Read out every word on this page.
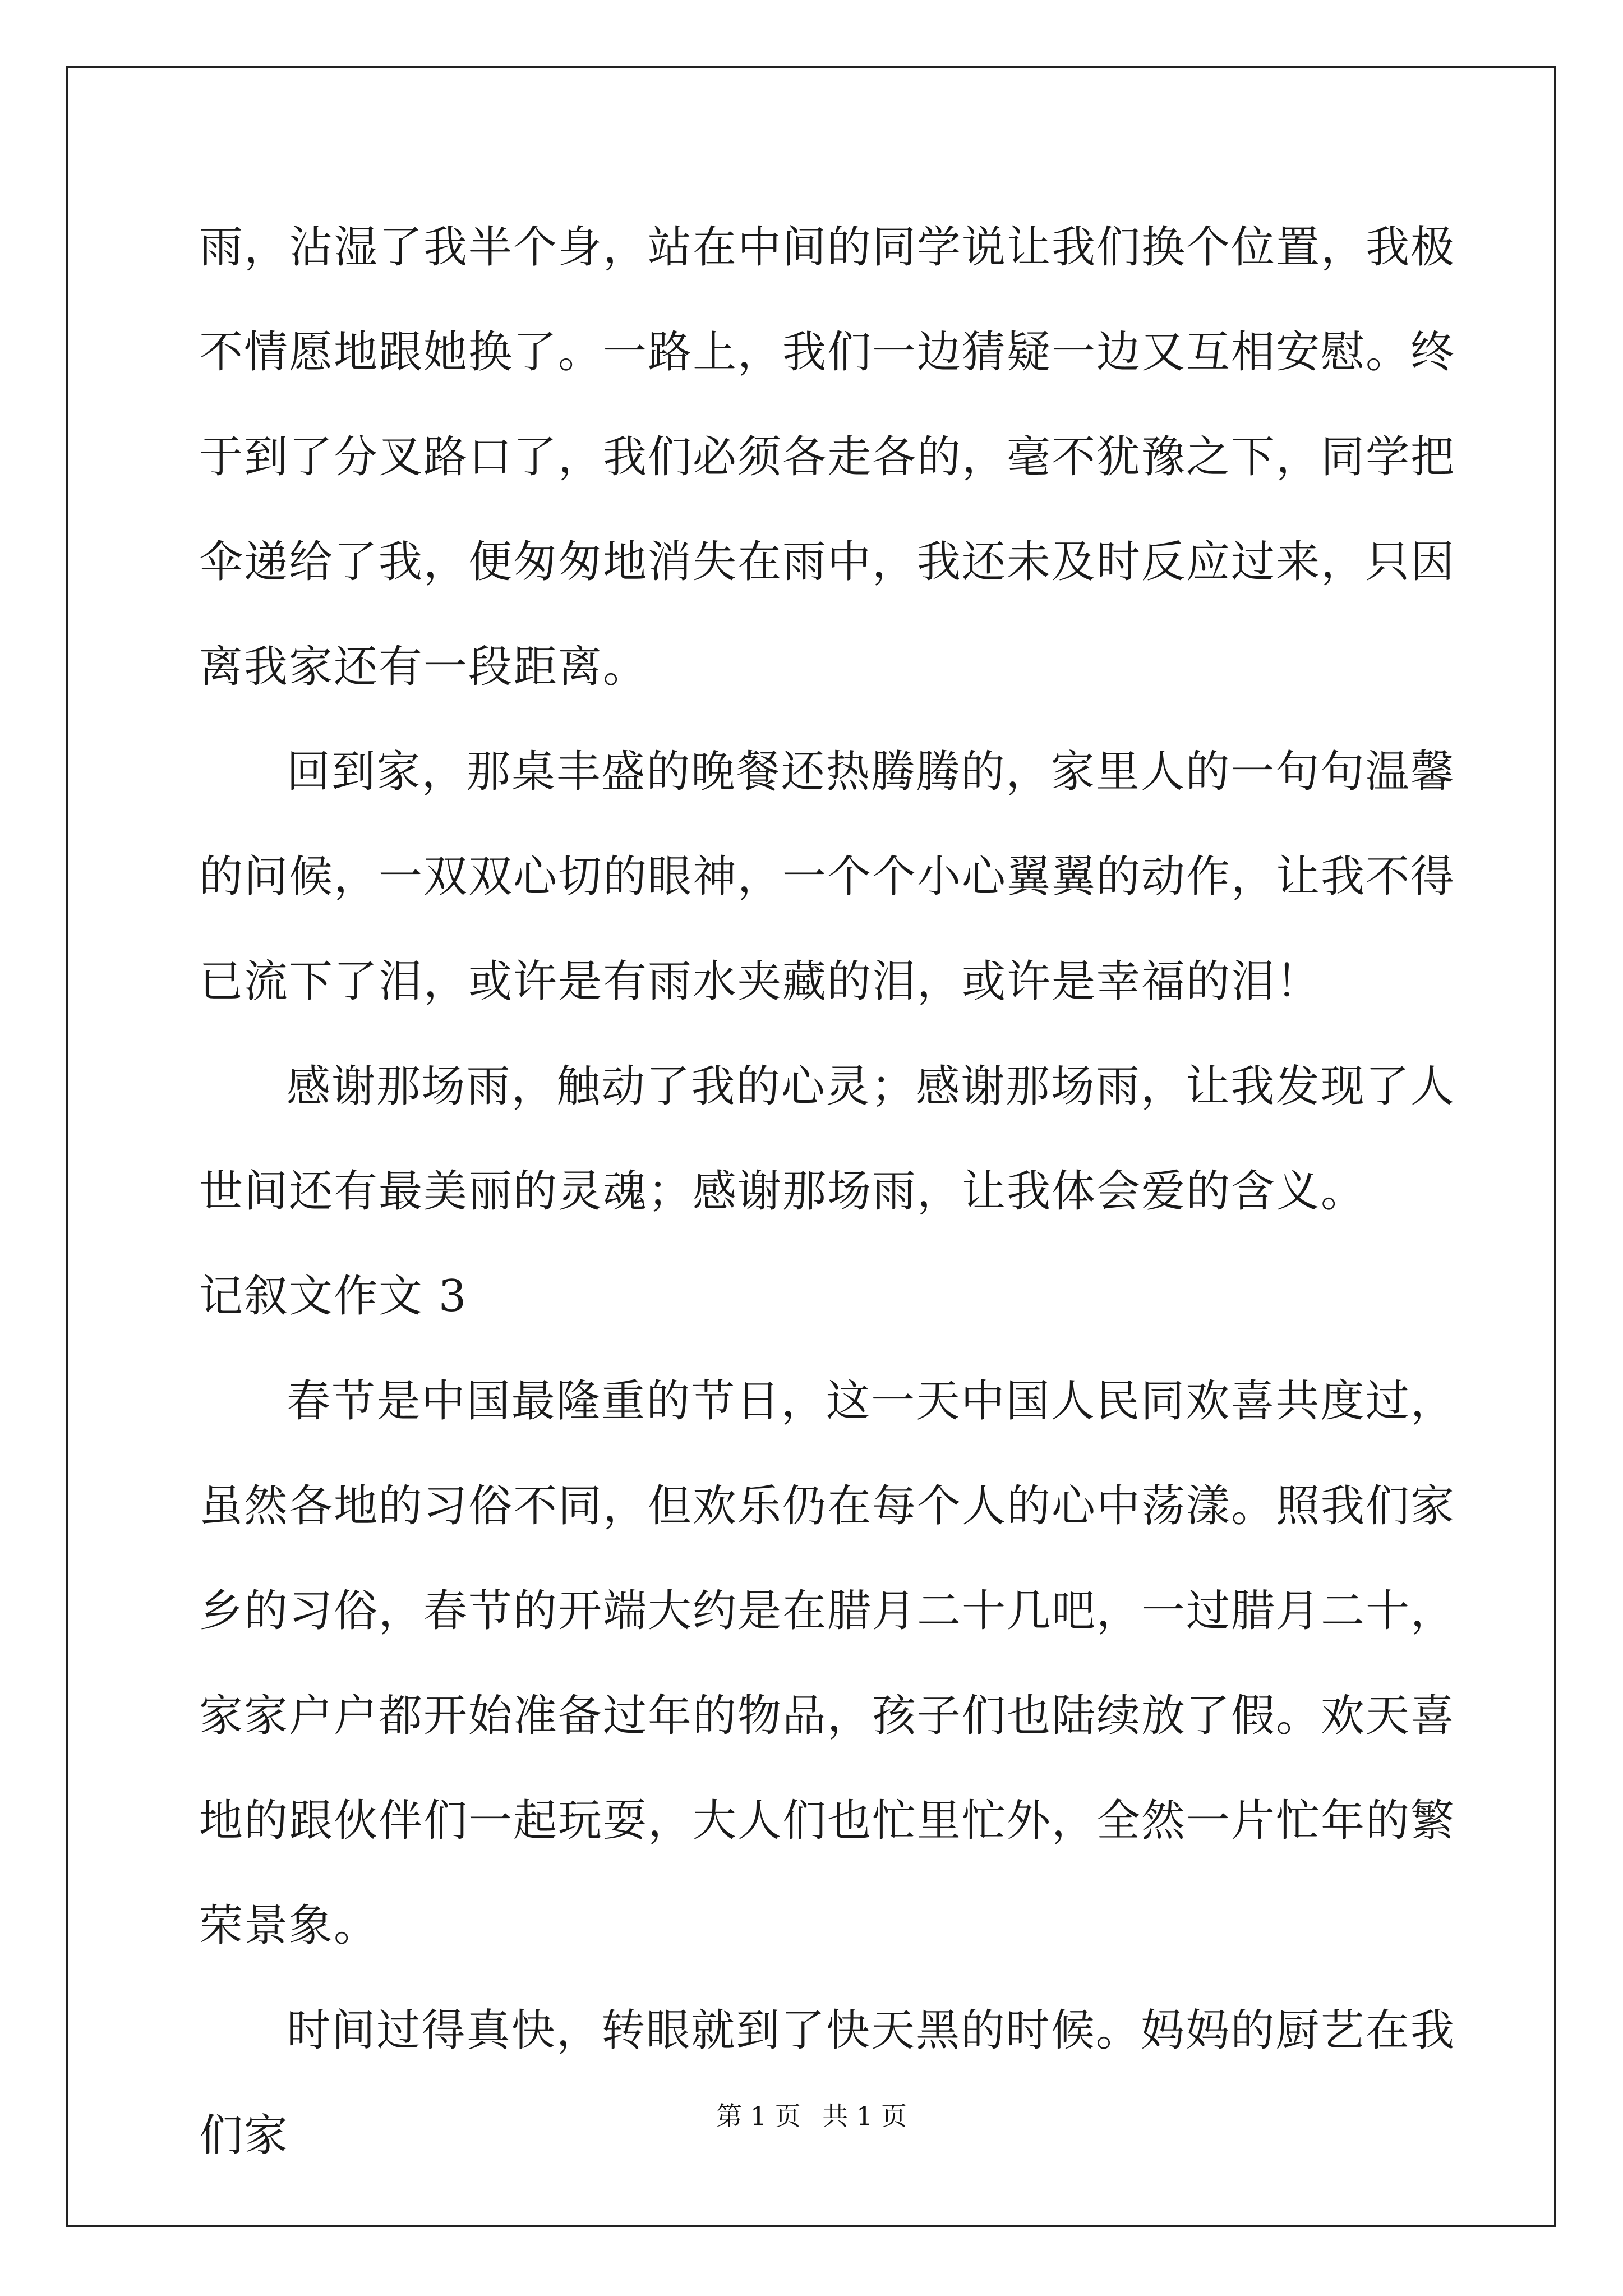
雨，沾湿了我半个身，站在中间的同学说让我们换个位置，我极不情愿地跟她换了。一路上，我们一边猜疑一边又互相安慰。终于到了分叉路口了，我们必须各走各的，毫不犹豫之下，同学把伞递给了我，便匆匆地消失在雨中，我还未及时反应过来，只因离我家还有一段距离。

回到家，那桌丰盛的晚餐还热腾腾的，家里人的一句句温馨的问候，一双双心切的眼神，一个个小心翼翼的动作，让我不得已流下了泪，或许是有雨水夹藏的泪，或许是幸福的泪！

感谢那场雨，触动了我的心灵；感谢那场雨，让我发现了人世间还有最美丽的灵魂；感谢那场雨，让我体会爱的含义。

记叙文作文 3

春节是中国最隆重的节日，这一天中国人民同欢喜共度过，虽然各地的习俗不同，但欢乐仍在每个人的心中荡漾。照我们家乡的习俗，春节的开端大约是在腊月二十几吧，一过腊月二十，家家户户都开始准备过年的物品，孩子们也陆续放了假。欢天喜地的跟伙伴们一起玩耍，大人们也忙里忙外，全然一片忙年的繁荣景象。

时间过得真快，转眼就到了快天黑的时候。妈妈的厨艺在我们家	第 1 页 共 1 页
